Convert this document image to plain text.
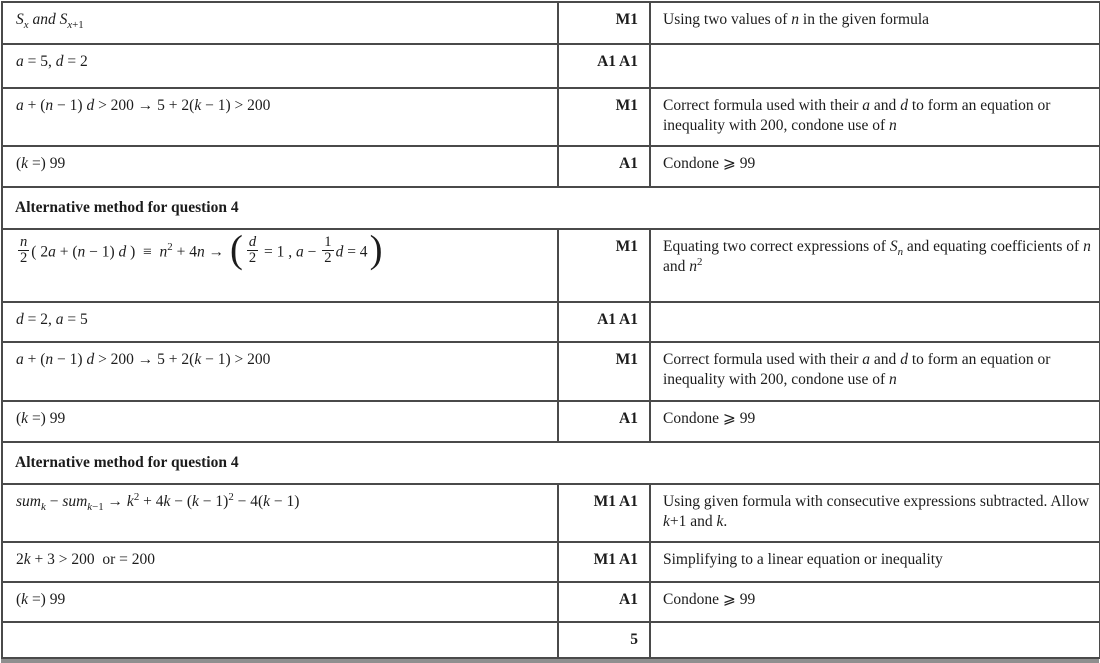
$S_x$ and $S_{x+1}$	M1	Using two values of n in the given formula
a = 5, d = 2	A1 A1	
a + (n − 1) d > 200 → 5 + 2(k − 1) > 200	M1	Correct formula used with their a and d to form an equation or inequality with 200, condone use of n
(k =) 99	A1	Condone ⩾ 99
Alternative method for question 4		

$\frac{n}{2}$ ( 2a + (n − 1) d )  ≡  $n^2 + 4n$ → ( $\frac{d}{2} = 1$ , $a - \frac{1}{2}$ d = 4)	M1	Equating two correct expressions of $S_n$ and equating coefficients of n and $n^2$
d = 2, a = 5	A1 A1	
a + (n − 1) d > 200 → 5 + 2(k − 1) > 200	M1	Correct formula used with their a and d to form an equation or inequality with 200, condone use of n
(k =) 99	A1	Condone ⩾ 99
Alternative method for question 4		
$sum_k - sum_{k-1} \to k^2 + 4k - (k - 1)^2 - 4(k - 1)$	M1 A1	Using given formula with consecutive expressions subtracted. Allow k+1 and k.
2k + 3 > 200  or = 200	M1 A1	Simplifying to a linear equation or inequality
(k =) 99	A1	Condone ⩾ 99
	5	
